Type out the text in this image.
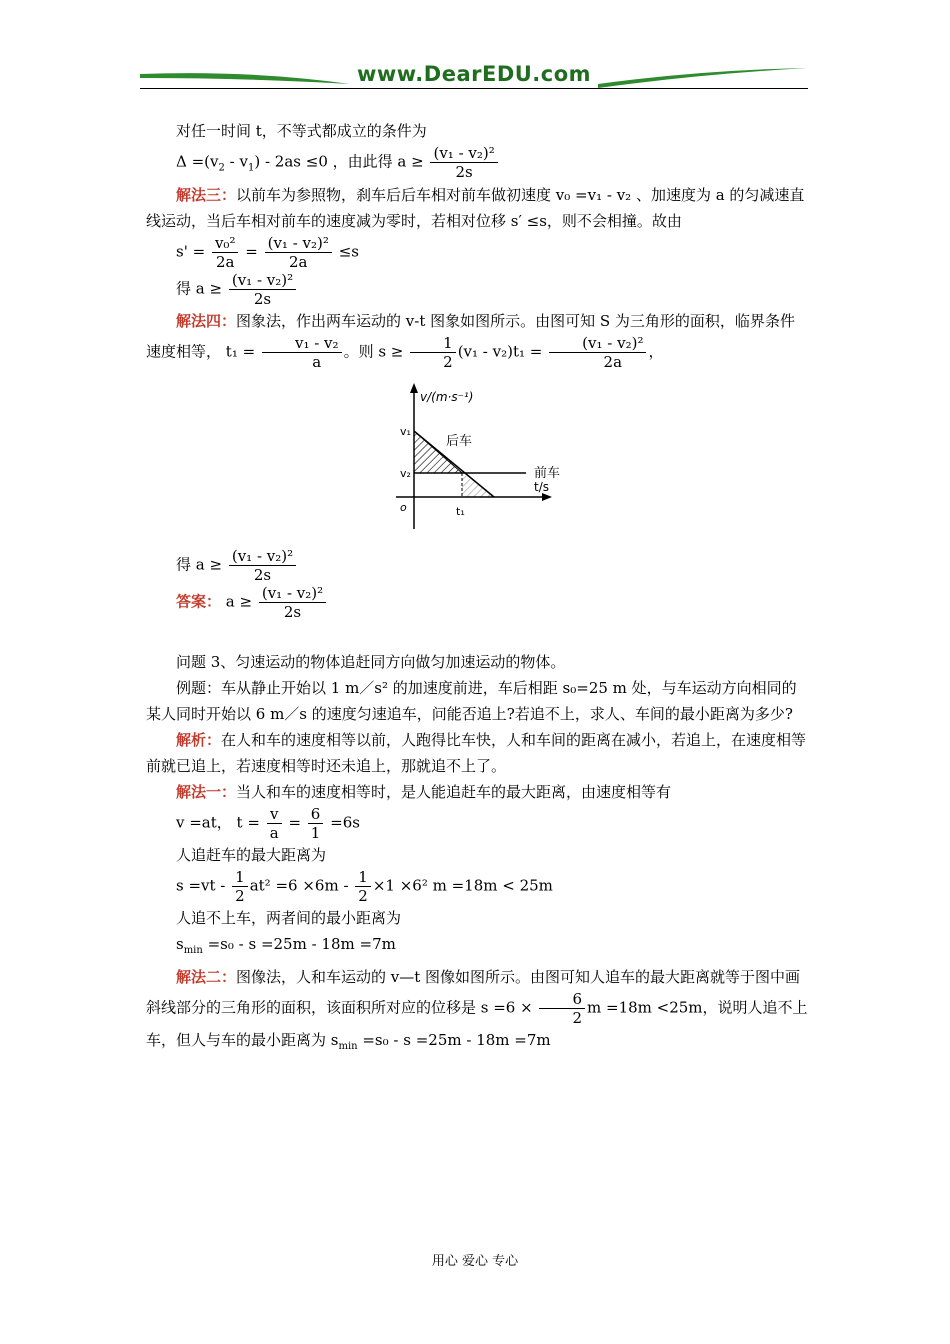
www.DearEDU.com

对任一时间 t，不等式都成立的条件为

$\Delta =(v_2 - v_1) - 2as \le 0$ ，由此得 $a \ge \frac{\text{(v₁ - v₂)²}}{2s}$

解法三：以前车为参照物，刹车后后车相对前车做初速度 v₀ =v₁ - v₂ 、加速度为 a 的匀减速直线运动，当后车相对前车的速度减为零时，若相对位移 s′ ≤s，则不会相撞。故由

$s' = \frac{\text{v₀²}}{2a} = \frac{\text{(v₁ - v₂)²}}{2a} \le s$

得 $a \ge \frac{\text{(v₁ - v₂)²}}{2s}$

解法四：图象法，作出两车运动的 v-t 图象如图所示。由图可知 S 为三角形的面积，临界条件速度相等， $t_1 = \frac{\text{v₁ - v₂}}{a}$ 。则 $s \ge \frac{1}{2} (v_1 - v_2)t_1 = \frac{\text{(v₁ - v₂)²}}{2a}$ ，

v/(m·s⁻¹)
t/s
v₁
v₂
o	t₁
后车
前车

得 $a \ge \frac{\text{(v₁ - v₂)²}}{2s}$

答案： $a \ge \frac{\text{(v₁ - v₂)²}}{2s}$

问题 3、匀速运动的物体追赶同方向做匀加速运动的物体。

例题：车从静止开始以 1 m／s² 的加速度前进，车后相距 s₀=25 m 处，与车运动方向相同的某人同时开始以 6 m／s 的速度匀速追车，问能否追上?若追不上，求人、车间的最小距离为多少?

解析：在人和车的速度相等以前，人跑得比车快，人和车间的距离在减小，若追上，在速度相等前就已追上，若速度相等时还未追上，那就追不上了。

解法一：当人和车的速度相等时，是人能追赶车的最大距离，由速度相等有

v =at， $t = \frac{v}{a} = \frac{6}{1} =6s$

人追赶车的最大距离为

$s =vt - \frac{1}{2} at^2 =6 \times 6m - \frac{1}{2} \times 1 \times 6^2$ m =18m < 25m

人追不上车，两者间的最小距离为

$s_{min} =s_0 - s =25m - 18m =7m$

解法二：图像法，人和车运动的 v—t 图像如图所示。由图可知人追车的最大距离就等于图中画斜线部分的三角形的面积，该面积所对应的位移是 $s =6 \times \frac{6}{2}$ m =18m <25m，说明人追不上车，但人与车的最小距离为 $s_{min} =s_0 - s =25m - 18m =7m$

用心 爱心 专心
